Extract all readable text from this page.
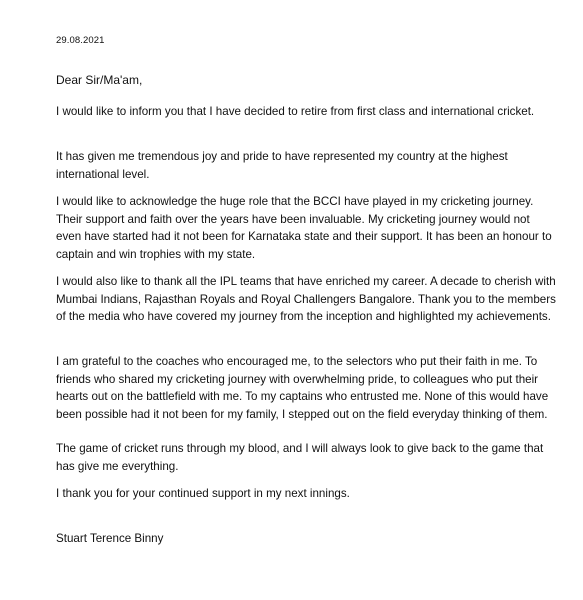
29.08.2021
Dear Sir/Ma'am,

I would like to inform you that I have decided to retire from first class and international cricket.

It has given me tremendous joy and pride to have represented my country at the highest international level.

I would like to acknowledge the huge role that the BCCI have played in my cricketing journey. Their support and faith over the years have been invaluable. My cricketing journey would not even have started had it not been for Karnataka state and their support. It has been an honour to captain and win trophies with my state.

I would also like to thank all the IPL teams that have enriched my career. A decade to cherish with Mumbai Indians, Rajasthan Royals and Royal Challengers Bangalore. Thank you to the members of the media who have covered my journey from the inception and highlighted my achievements.

I am grateful to the coaches who encouraged me, to the selectors who put their faith in me. To friends who shared my cricketing journey with overwhelming pride, to colleagues who put their hearts out on the battlefield with me. To my captains who entrusted me. None of this would have been possible had it not been for my family, I stepped out on the field everyday thinking of them.

The game of cricket runs through my blood, and I will always look to give back to the game that has give me everything.

I thank you for your continued support in my next innings.

Stuart Terence Binny
